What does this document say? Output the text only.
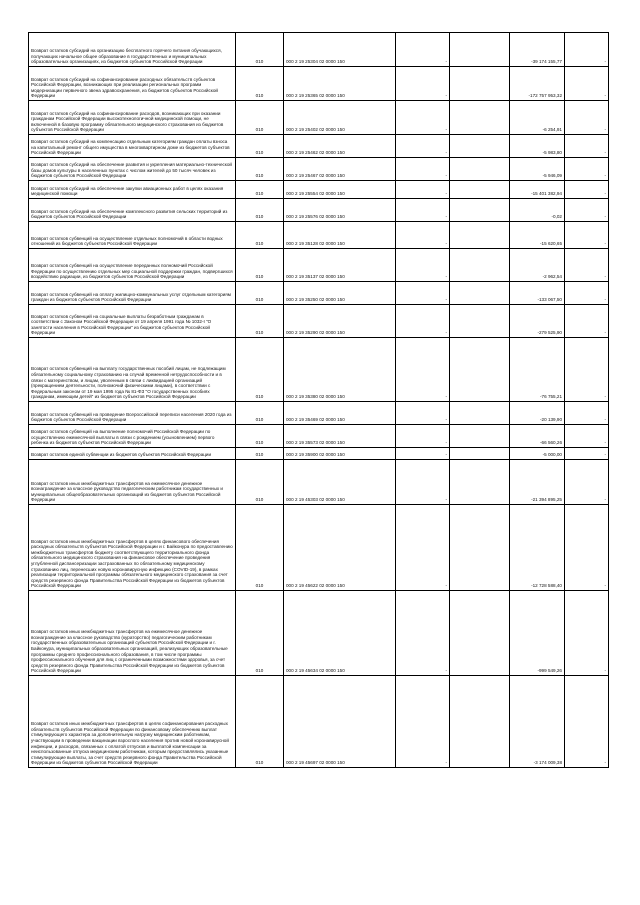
Возврат остатков субсидий на организацию бесплатного горячего питания обучающихся, получающих начальное общее образование в государственных и муниципальных образовательных организациях, из бюджетов субъектов Российской Федерации	010	000 2 19 25304 02 0000 150	-		-39 174 155,77	-
Возврат остатков субсидий на софинансирование расходных обязательств субъектов Российской Федерации, возникающих при реализации региональных программ модернизации первичного звена здравоохранения, из бюджетов субъектов Российской Федерации	010	000 2 19 25365 02 0000 150	-		-172 757 953,32	-
Возврат остатков субсидий на софинансирование расходов, возникающих при оказании гражданам Российской Федерации высокотехнологичной медицинской помощи, не включенной в базовую программу обязательного медицинского страхования из бюджетов субъектов Российской Федерации	010	000 2 19 25402 02 0000 150	-		-6 254,91	-
Возврат остатков субсидий на компенсацию отдельным категориям граждан оплаты взноса на капитальный ремонт общего имущества в многоквартирном доме из бюджетов субъектов Российской Федерации	010	000 2 19 25462 02 0000 150	-		-5 983,80	-
Возврат остатков субсидий на обеспечение развития и укрепления материально-технической базы домов культуры в населенных пунктах с числом жителей до 50 тысяч человек из бюджетов субъектов Российской Федерации	010	000 2 19 25467 02 0000 150	-		-5 946,09	-
Возврат остатков субсидий на обеспечение закупки авиационных работ в целях оказания медицинской помощи	010	000 2 19 25554 02 0000 150	-		-15 401 382,94	-
Возврат остатков субсидий на обеспечение комплексного развития сельских территорий из бюджетов субъектов Российской Федерации	010	000 2 19 25576 02 0000 150	-		-0,02	-
Возврат остатков субвенций на осуществление отдельных полномочий в области водных отношений из бюджетов субъектов Российской Федерации	010	000 2 19 35128 02 0000 150	-		-15 620,65	-
Возврат остатков субвенций на осуществление переданных полномочий Российской Федерации по осуществлению отдельных мер социальной поддержки граждан, подвергшихся воздействию радиации, из бюджетов субъектов Российской Федерации	010	000 2 19 35137 02 0000 150	-		-2 962,54	-
Возврат остатков субвенций на оплату жилищно-коммунальных услуг отдельным категориям граждан из бюджетов субъектов Российской Федерации	010	000 2 19 35250 02 0000 150	-		-133 067,50	-
Возврат остатков субвенций на социальные выплаты безработным гражданам в соответствии с Законом Российской Федерации от 19 апреля 1991 года № 1032-I "О занятости населения в Российской Федерации" из бюджетов субъектов Российской Федерации	010	000 2 19 35290 02 0000 150	-		-279 525,90	-
Возврат остатков субвенций на выплату государственных пособий лицам, не подлежащим обязательному социальному страхованию на случай временной нетрудоспособности и в связи с материнством, и лицам, уволенным в связи с ликвидацией организаций (прекращением деятельности, полномочий физическими лицами), в соответствии с Федеральным законом от 19 мая 1995 года № 81-ФЗ "О государственных пособиях гражданам, имеющим детей" из бюджетов субъектов Российской Федерации	010	000 2 19 35380 02 0000 150	-		-76 755,21	-
Возврат остатков субвенций на проведение Всероссийской переписи населения 2020 года из бюджетов субъектов Российской Федерации	010	000 2 19 35469 02 0000 150	-		-20 139,90	-
Возврат остатков субвенций на выполнение полномочий Российской Федерации по осуществлению ежемесячной выплаты в связи с рождением (усыновлением) первого ребенка из бюджетов субъектов Российской Федерации	010	000 2 19 35573 02 0000 150	-		-66 560,26	-
Возврат остатков единой субвенции из бюджетов субъектов Российской Федерации	010	000 2 19 35900 02 0000 150	-		-5 000,00	-
Возврат остатков иных межбюджетных трансфертов на ежемесячное денежное вознаграждение за классное руководство педагогическим работникам государственных и муниципальных общеобразовательных организаций из бюджетов субъектов Российской Федерации	010	000 2 19 45303 02 0000 150	-		-21 394 895,25	-
Возврат остатков иных межбюджетных трансфертов в целях финансового обеспечения расходных обязательств субъектов Российской Федерации и г. Байконура по предоставлению межбюджетных трансфертов бюджету соответствующего территориального фонда обязательного медицинского страхования на финансовое обеспечение проведения углубленной диспансеризации застрахованных по обязательному медицинскому страхованию лиц, перенесших новую коронавирусную инфекцию (COVID-19), в рамках реализации территориальной программы обязательного медицинского страхования за счет средств резервного фонда Правительства Российской Федерации из бюджетов субъектов Российской Федерации	010	000 2 19 45622 02 0000 150	-		-12 728 588,40	-
Возврат остатков иных межбюджетных трансфертов на ежемесячное денежное вознаграждение за классное руководство (кураторство) педагогическим работникам государственных образовательных организаций субъектов Российской Федерации и г. Байконура, муниципальных образовательных организаций, реализующих образовательные программы среднего профессионального образования, в том числе программы профессионального обучения для лиц с ограниченными возможностями здоровья, за счет средств резервного фонда Правительства Российской Федерации из бюджетов субъектов Российской Федерации	010	000 2 19 45634 02 0000 150	-		-999 549,26	-
Возврат остатков иных межбюджетных трансфертов в целях софинансирования расходных обязательств субъектов Российской Федерации по финансовому обеспечению выплат стимулирующего характера за дополнительную нагрузку медицинским работникам, участвующим в проведении вакцинации взрослого населения против новой коронавирусной инфекции, и расходов, связанных с оплатой отпусков и выплатой компенсации за неиспользованные отпуска медицинским работникам, которым предоставлялись указанные стимулирующие выплаты, за счет средств резервного фонда Правительства Российской Федерации из бюджетов субъектов Российской Федерации	010	000 2 19 45697 02 0000 150	-		-3 174 009,38	-
